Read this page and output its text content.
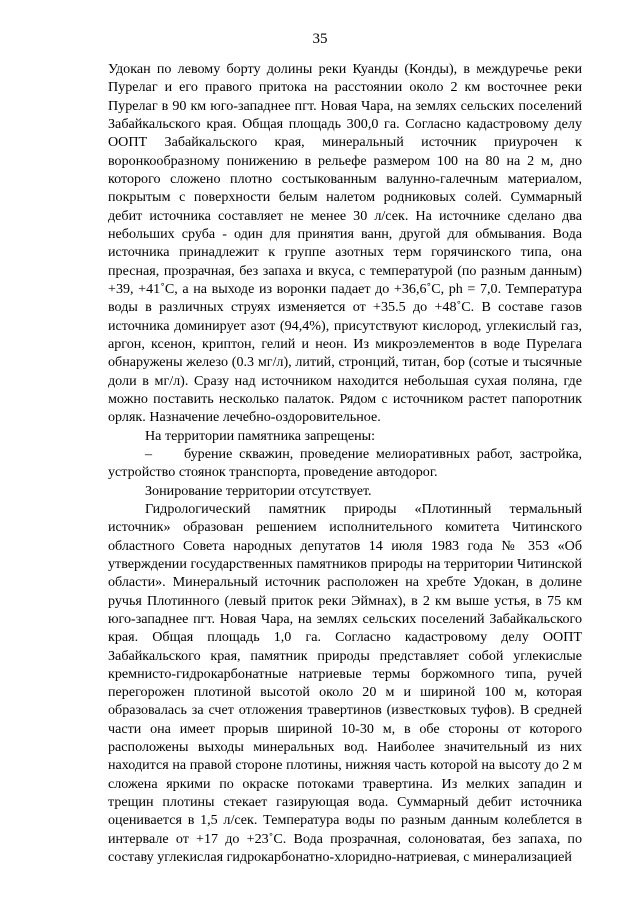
35

Удокан по левому борту долины реки Куанды (Конды), в междуречье реки Пурелаг и его правого притока на расстоянии около 2 км восточнее реки Пурелаг в 90 км юго-западнее пгт. Новая Чара, на землях сельских поселений Забайкальского края. Общая площадь 300,0 га. Согласно кадастровому делу ООПТ Забайкальского края, минеральный источник приурочен к воронкообразному понижению в рельефе размером 100 на 80 на 2 м, дно которого сложено плотно состыкованным валунно-галечным материалом, покрытым с поверхности белым налетом родниковых солей. Суммарный дебит источника составляет не менее 30 л/сек. На источнике сделано два небольших сруба - один для принятия ванн, другой для обмывания. Вода источника принадлежит к группе азотных терм горячинского типа, она пресная, прозрачная, без запаха и вкуса, с температурой (по разным данным) +39, +41˚С, а на выходе из воронки падает до +36,6˚С, ph = 7,0. Температура воды в различных струях изменяется от +35.5 до +48˚С. В составе газов источника доминирует азот (94,4%), присутствуют кислород, углекислый газ, аргон, ксенон, криптон, гелий и неон. Из микроэлементов в воде Пурелага обнаружены железо (0.3 мг/л), литий, стронций, титан, бор (сотые и тысячные доли в мг/л). Сразу над источником находится небольшая сухая поляна, где можно поставить несколько палаток. Рядом с источником растет папоротник орляк. Назначение лечебно-оздоровительное.

На территории памятника запрещены:

– бурение скважин, проведение мелиоративных работ, застройка, устройство стоянок транспорта, проведение автодорог.

Зонирование территории отсутствует.

Гидрологический памятник природы «Плотинный термальный источник» образован решением исполнительного комитета Читинского областного Совета народных депутатов 14 июля 1983 года № 353 «Об утверждении государственных памятников природы на территории Читинской области». Минеральный источник расположен на хребте Удокан, в долине ручья Плотинного (левый приток реки Эймнах), в 2 км выше устья, в 75 км юго-западнее пгт. Новая Чара, на землях сельских поселений Забайкальского края. Общая площадь 1,0 га. Согласно кадастровому делу ООПТ Забайкальского края, памятник природы представляет собой углекислые кремнисто-гидрокарбонатные натриевые термы боржомного типа, ручей перегорожен плотиной высотой около 20 м и шириной 100 м, которая образовалась за счет отложения травертинов (известковых туфов). В средней части она имеет прорыв шириной 10-30 м, в обе стороны от которого расположены выходы минеральных вод. Наиболее значительный из них находится на правой стороне плотины, нижняя часть которой на высоту до 2 м сложена яркими по окраске потоками травертина. Из мелких западин и трещин плотины стекает газирующая вода. Суммарный дебит источника оценивается в 1,5 л/сек. Температура воды по разным данным колеблется в интервале от +17 до +23˚С. Вода прозрачная, солоноватая, без запаха, по составу углекислая гидрокарбонатно-хлоридно-натриевая, с минерализацией
